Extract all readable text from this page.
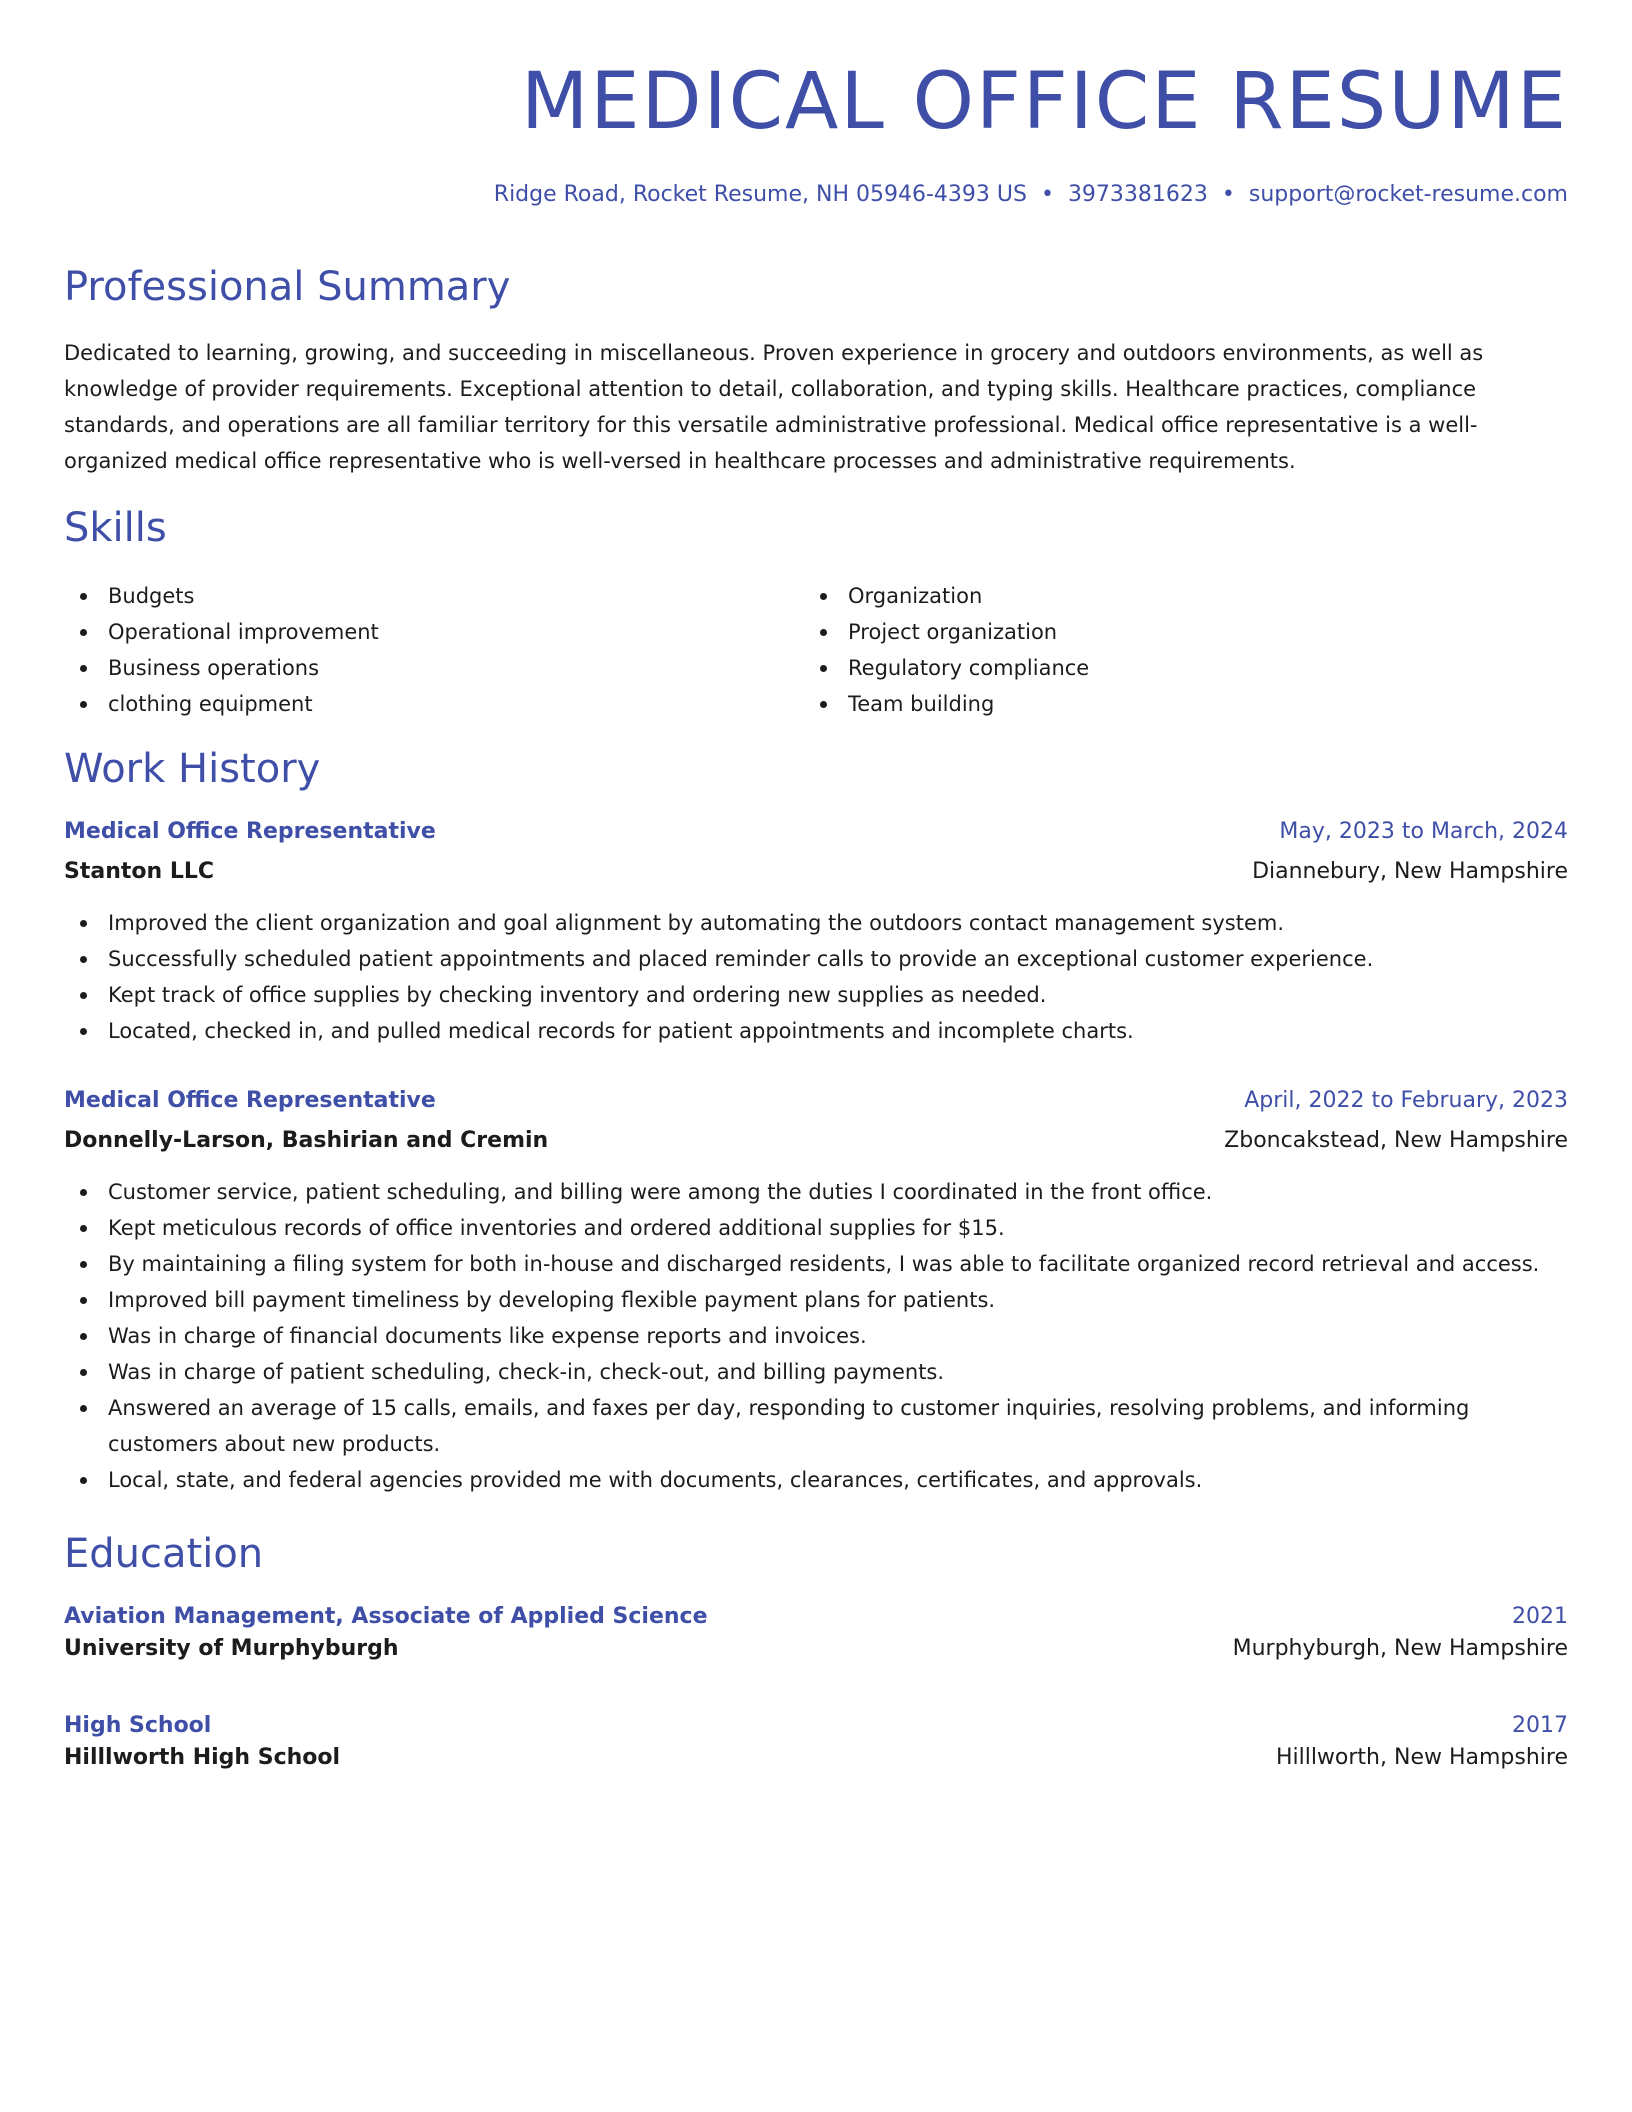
MEDICAL OFFICE RESUME

Ridge Road, Rocket Resume, NH 05946-4393 US • 3973381623 • support@rocket-resume.com

Professional Summary

Dedicated to learning, growing, and succeeding in miscellaneous. Proven experience in grocery and outdoors environments, as well as knowledge of provider requirements. Exceptional attention to detail, collaboration, and typing skills. Healthcare practices, compliance standards, and operations are all familiar territory for this versatile administrative professional. Medical office representative is a well-organized medical office representative who is well-versed in healthcare processes and administrative requirements.

Skills
Budgets
Operational improvement
Business operations
clothing equipment
Organization
Project organization
Regulatory compliance
Team building
Work History
Medical Office Representative	May, 2023 to March, 2024
Stanton LLC	Diannebury, New Hampshire
Improved the client organization and goal alignment by automating the outdoors contact management system.
Successfully scheduled patient appointments and placed reminder calls to provide an exceptional customer experience.
Kept track of office supplies by checking inventory and ordering new supplies as needed.
Located, checked in, and pulled medical records for patient appointments and incomplete charts.
Medical Office Representative	April, 2022 to February, 2023
Donnelly-Larson, Bashirian and Cremin	Zboncakstead, New Hampshire
Customer service, patient scheduling, and billing were among the duties I coordinated in the front office.
Kept meticulous records of office inventories and ordered additional supplies for $15.
By maintaining a filing system for both in-house and discharged residents, I was able to facilitate organized record retrieval and access.
Improved bill payment timeliness by developing flexible payment plans for patients.
Was in charge of financial documents like expense reports and invoices.
Was in charge of patient scheduling, check-in, check-out, and billing payments.
Answered an average of 15 calls, emails, and faxes per day, responding to customer inquiries, resolving problems, and informing customers about new products.
Local, state, and federal agencies provided me with documents, clearances, certificates, and approvals.
Education
Aviation Management, Associate of Applied Science	2021
University of Murphyburgh	Murphyburgh, New Hampshire
High School	2017
Hilllworth High School	Hilllworth, New Hampshire
